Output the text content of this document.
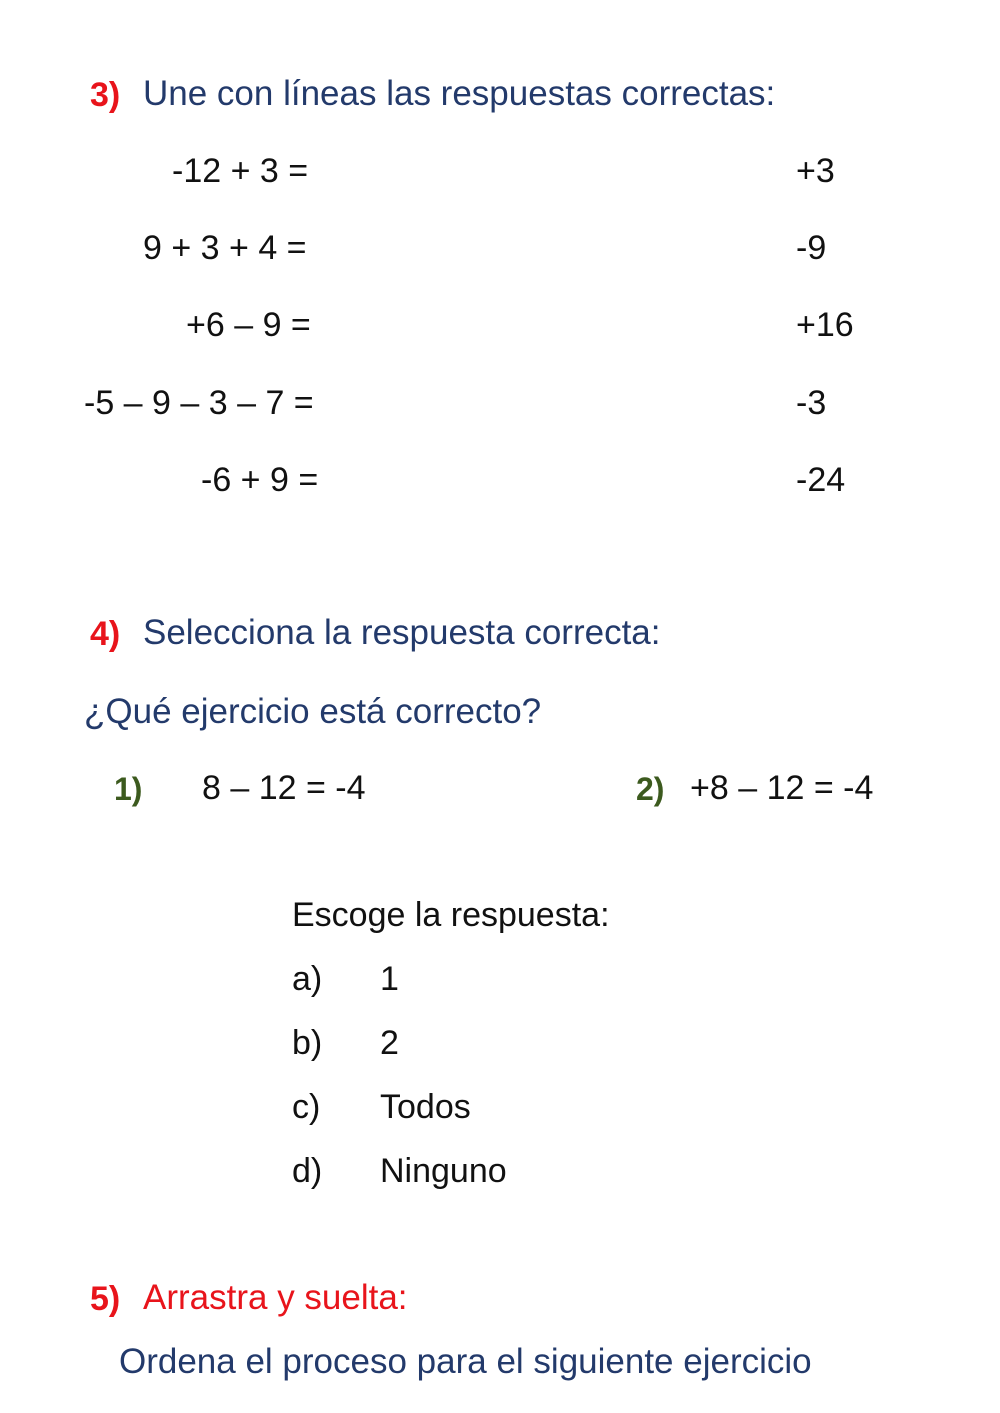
3) Une con líneas las respuestas correctas:
-12 + 3 =
9 + 3 + 4 =
+6 – 9 =
-5 – 9 – 3 – 7 =
-6 + 9 =
+3
-9
+16
-3
-24
4) Selecciona la respuesta correcta:
¿Qué ejercicio está correcto?
1) 8 – 12 = -4	2) +8 – 12 = -4
Escoge la respuesta:
a) 1
b) 2
c) Todos
d) Ninguno
5) Arrastra y suelta:
Ordena el proceso para el siguiente ejercicio
